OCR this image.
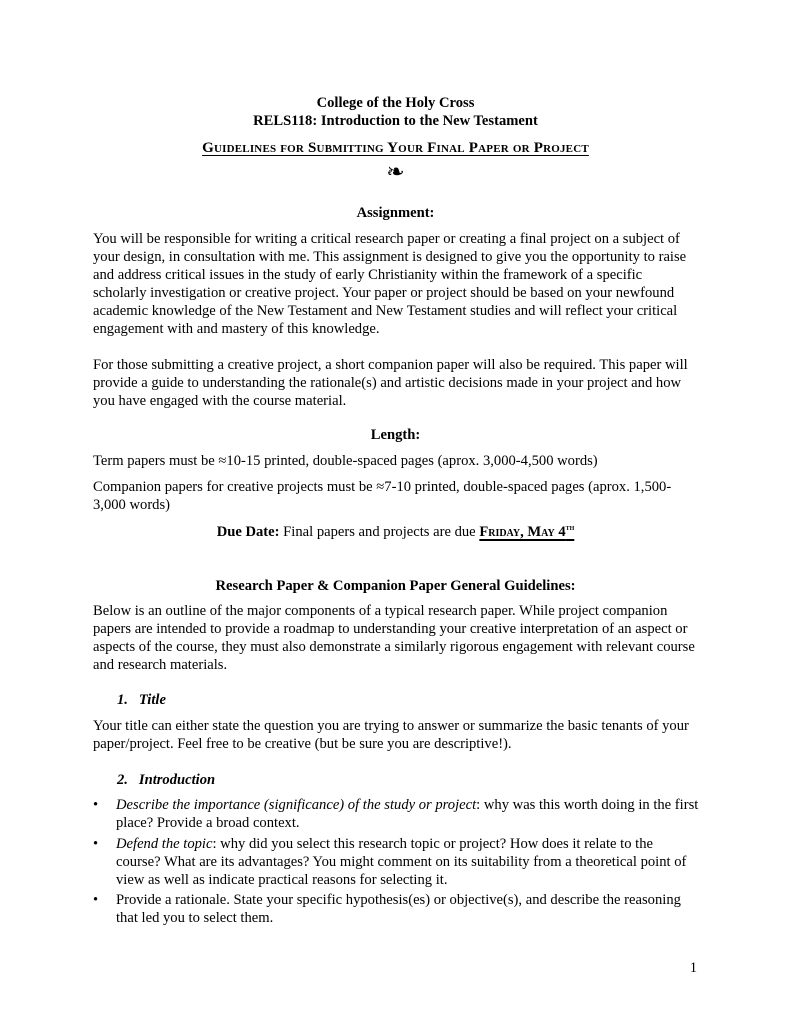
College of the Holy Cross
RELS118: Introduction to the New Testament
Guidelines for Submitting Your Final Paper or Project
❧
Assignment:
You will be responsible for writing a critical research paper or creating a final project on a subject of your design, in consultation with me. This assignment is designed to give you the opportunity to raise and address critical issues in the study of early Christianity within the framework of a specific scholarly investigation or creative project. Your paper or project should be based on your newfound academic knowledge of the New Testament and New Testament studies and will reflect your critical engagement with and mastery of this knowledge.
For those submitting a creative project, a short companion paper will also be required. This paper will provide a guide to understanding the rationale(s) and artistic decisions made in your project and how you have engaged with the course material.
Length:
Term papers must be ≈10-15 printed, double-spaced pages (aprox. 3,000-4,500 words)
Companion papers for creative projects must be ≈7-10 printed, double-spaced pages (aprox. 1,500-3,000 words)
Due Date: Final papers and projects are due Friday, May 4th
Research Paper & Companion Paper General Guidelines:
Below is an outline of the major components of a typical research paper. While project companion papers are intended to provide a roadmap to understanding your creative interpretation of an aspect or aspects of the course, they must also demonstrate a similarly rigorous engagement with relevant course and research materials.
1. Title
Your title can either state the question you are trying to answer or summarize the basic tenants of your paper/project. Feel free to be creative (but be sure you are descriptive!).
2. Introduction
•	Describe the importance (significance) of the study or project: why was this worth doing in the first place? Provide a broad context.
•	Defend the topic: why did you select this research topic or project? How does it relate to the course? What are its advantages? You might comment on its suitability from a theoretical point of view as well as indicate practical reasons for selecting it.
•	Provide a rationale. State your specific hypothesis(es) or objective(s), and describe the reasoning that led you to select them.
1
